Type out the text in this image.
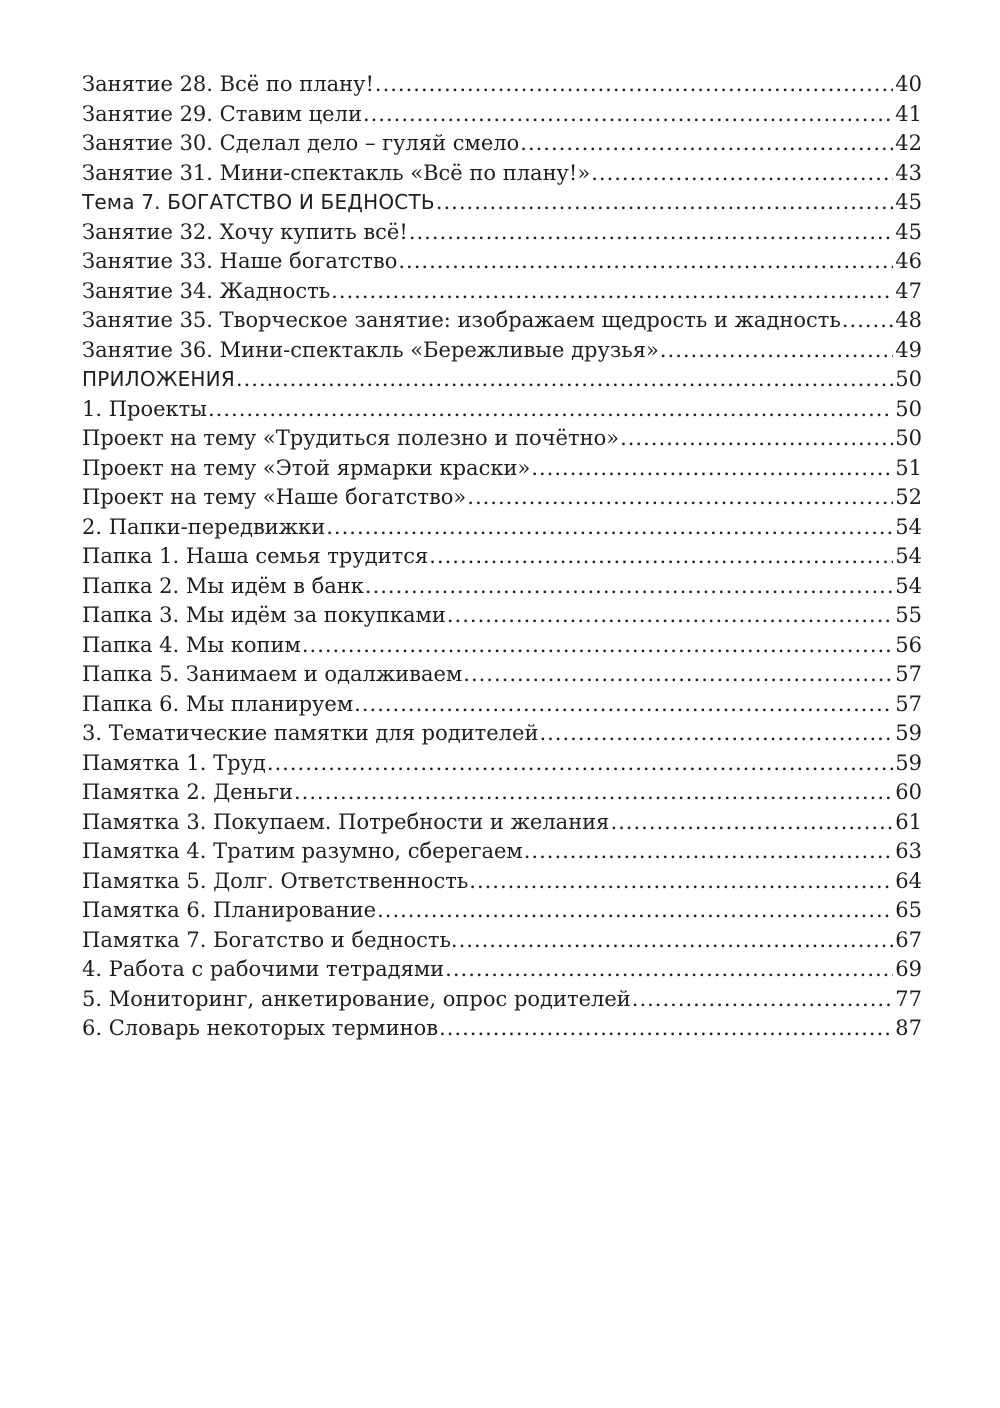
Занятие 28. Всё по плану! .....	40
Занятие 29. Ставим цели .....	41
Занятие 30. Сделал дело – гуляй смело .....	42
Занятие 31. Мини-спектакль «Всё по плану!» .....	43
Тема 7. БОГАТСТВО И БЕДНОСТЬ .....	45
Занятие 32. Хочу купить всё! .....	45
Занятие 33. Наше богатство .....	46
Занятие 34. Жадность .....	47
Занятие 35. Творческое занятие: изображаем щедрость и жадность .....	48
Занятие 36. Мини-спектакль «Бережливые друзья» .....	49
ПРИЛОЖЕНИЯ .....	50
1. Проекты .....	50
Проект на тему «Трудиться полезно и почётно» .....	50
Проект на тему «Этой ярмарки краски» .....	51
Проект на тему «Наше богатство» .....	52
2. Папки-передвижки .....	54
Папка 1. Наша семья трудится .....	54
Папка 2. Мы идём в банк .....	54
Папка 3. Мы идём за покупками .....	55
Папка 4. Мы копим .....	56
Папка 5. Занимаем и одалживаем .....	57
Папка 6. Мы планируем .....	57
3. Тематические памятки для родителей .....	59
Памятка 1. Труд .....	59
Памятка 2. Деньги .....	60
Памятка 3. Покупаем. Потребности и желания .....	61
Памятка 4. Тратим разумно, сберегаем .....	63
Памятка 5. Долг. Ответственность .....	64
Памятка 6. Планирование .....	65
Памятка 7. Богатство и бедность. .....	67
4. Работа с рабочими тетрадями .....	69
5. Мониторинг, анкетирование, опрос родителей .....	77
6. Словарь некоторых терминов .....	87
